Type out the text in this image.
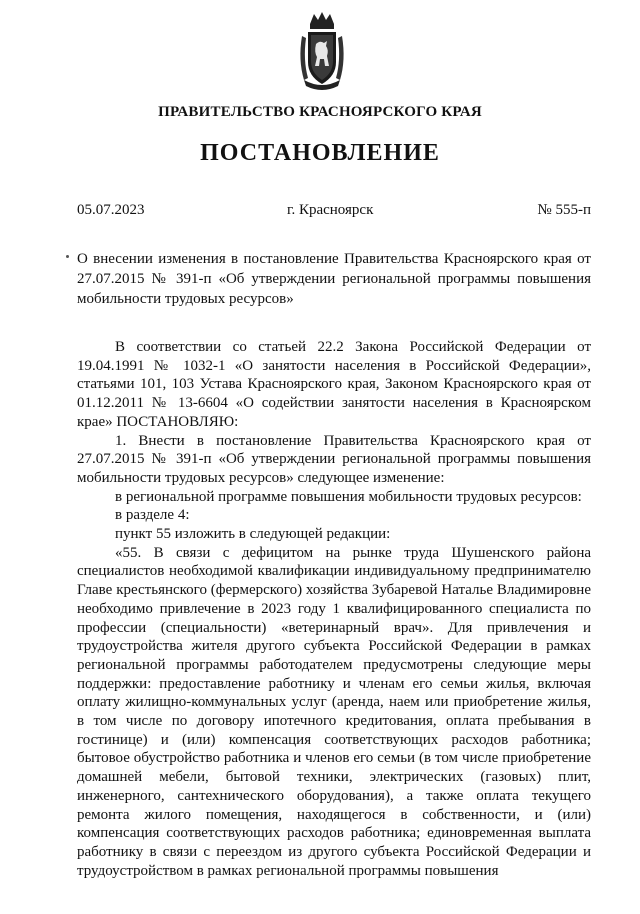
ПРАВИТЕЛЬСТВО КРАСНОЯРСКОГО КРАЯ
ПОСТАНОВЛЕНИЕ
05.07.2023	г. Красноярск	№ 555-п
О внесении изменения в постановление Правительства Красноярского края от 27.07.2015 № 391-п «Об утверждении региональной программы повышения мобильности трудовых ресурсов»

В соответствии со статьей 22.2 Закона Российской Федерации от 19.04.1991 № 1032-1 «О занятости населения в Российской Федерации», статьями 101, 103 Устава Красноярского края, Законом Красноярского края от 01.12.2011 № 13-6604 «О содействии занятости населения в Красноярском крае» ПОСТАНОВЛЯЮ:

1. Внести в постановление Правительства Красноярского края от 27.07.2015 № 391-п «Об утверждении региональной программы повышения мобильности трудовых ресурсов» следующее изменение:

в региональной программе повышения мобильности трудовых ресурсов:

в разделе 4:

пункт 55 изложить в следующей редакции:

«55. В связи с дефицитом на рынке труда Шушенского района специалистов необходимой квалификации индивидуальному предпринимателю Главе крестьянского (фермерского) хозяйства Зубаревой Наталье Владимировне необходимо привлечение в 2023 году 1 квалифицированного специалиста по профессии (специальности) «ветеринарный врач». Для привлечения и трудоустройства жителя другого субъекта Российской Федерации в рамках региональной программы работодателем предусмотрены следующие меры поддержки: предоставление работнику и членам его семьи жилья, включая оплату жилищно-коммунальных услуг (аренда, наем или приобретение жилья, в том числе по договору ипотечного кредитования, оплата пребывания в гостинице) и (или) компенсация соответствующих расходов работника; бытовое обустройство работника и членов его семьи (в том числе приобретение домашней мебели, бытовой техники, электрических (газовых) плит, инженерного, сантехнического оборудования), а также оплата текущего ремонта жилого помещения, находящегося в собственности, и (или) компенсация соответствующих расходов работника; единовременная выплата работнику в связи с переездом из другого субъекта Российской Федерации и трудоустройством в рамках региональной программы повышения
